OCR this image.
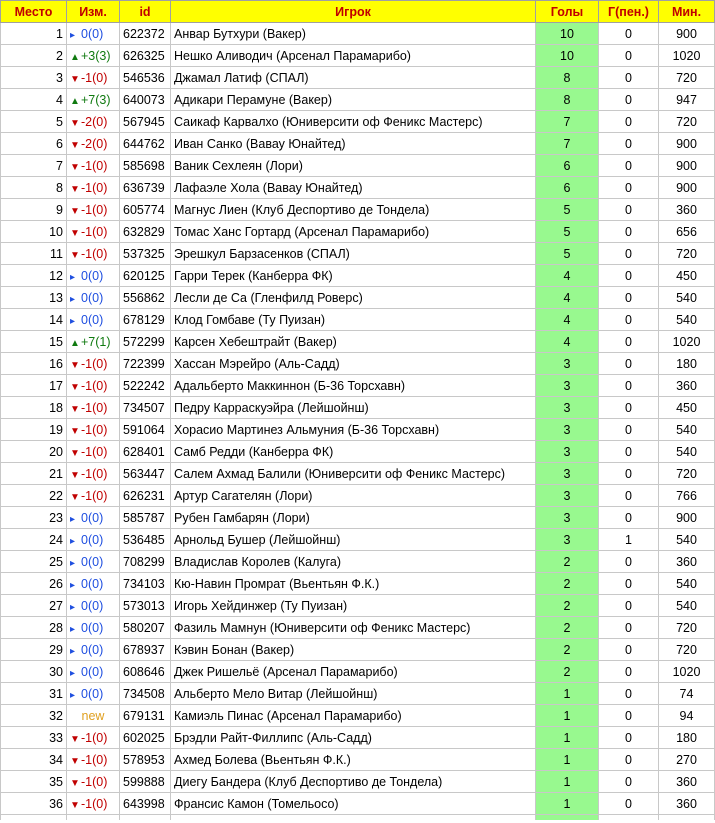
Место	Изм.	id	Игрок	Голы	Г(пен.)	Мин.
1	▸ 0(0)	622372	Анвар Бутхури (Вакер)	10	0	900
2	▲+3(3)	626325	Нешко Аливодич (Арсенал Парамарибо)	10	0	1020
3	▼-1(0)	546536	Джамал Латиф (СПАЛ)	8	0	720
4	▲+7(3)	640073	Адикари Перамуне (Вакер)	8	0	947
5	▼-2(0)	567945	Саикаф Карвалхо (Юниверсити оф Феникс Мастерс)	7	0	720
6	▼-2(0)	644762	Иван Санко (Вавау Юнайтед)	7	0	900
7	▼-1(0)	585698	Ваник Сехлеян (Лори)	6	0	900
8	▼-1(0)	636739	Лафаэле Хола (Вавау Юнайтед)	6	0	900
9	▼-1(0)	605774	Магнус Лиен (Клуб Деспортиво де Тондела)	5	0	360
10	▼-1(0)	632829	Томас Ханс Гортард (Арсенал Парамарибо)	5	0	656
11	▼-1(0)	537325	Эрешкул Барзасенков (СПАЛ)	5	0	720
12	▸ 0(0)	620125	Гарри Терек (Канберра ФК)	4	0	450
13	▸ 0(0)	556862	Лесли де Са (Гленфилд Роверс)	4	0	540
14	▸ 0(0)	678129	Клод Гомбаве (Ту Пуизан)	4	0	540
15	▲+7(1)	572299	Карсен Хебештрайт (Вакер)	4	0	1020
16	▼-1(0)	722399	Хассан Мэрейро (Аль-Садд)	3	0	180
17	▼-1(0)	522242	Адальберто Маккиннон (Б-36 Торсхавн)	3	0	360
18	▼-1(0)	734507	Педру Карраскуэйра (Лейшойнш)	3	0	450
19	▼-1(0)	591064	Хорасио Мартинез Альмуния (Б-36 Торсхавн)	3	0	540
20	▼-1(0)	628401	Самб Редди (Канберра ФК)	3	0	540
21	▼-1(0)	563447	Салем Ахмад Балили (Юниверсити оф Феникс Мастерс)	3	0	720
22	▼-1(0)	626231	Артур Сагателян (Лори)	3	0	766
23	▸ 0(0)	585787	Рубен Гамбарян (Лори)	3	0	900
24	▸ 0(0)	536485	Арнольд Бушер (Лейшойнш)	3	1	540
25	▸ 0(0)	708299	Владислав Королев (Калуга)	2	0	360
26	▸ 0(0)	734103	Кю-Навин Промрат (Вьентьян Ф.К.)	2	0	540
27	▸ 0(0)	573013	Игорь Хейдинжер (Ту Пуизан)	2	0	540
28	▸ 0(0)	580207	Фазиль Мамнун (Юниверсити оф Феникс Мастерс)	2	0	720
29	▸ 0(0)	678937	Кэвин Бонан (Вакер)	2	0	720
30	▸ 0(0)	608646	Джек Ришельё (Арсенал Парамарибо)	2	0	1020
31	▸ 0(0)	734508	Альберто Мело Витар (Лейшойнш)	1	0	74
32	new	679131	Камиэль Пинас (Арсенал Парамарибо)	1	0	94
33	▼-1(0)	602025	Брэдли Райт-Филлипс (Аль-Садд)	1	0	180
34	▼-1(0)	578953	Ахмед Болева (Вьентьян Ф.К.)	1	0	270
35	▼-1(0)	599888	Диегу Бандера (Клуб Деспортиво де Тондела)	1	0	360
36	▼-1(0)	643998	Франсис Камон (Томельосо)	1	0	360
